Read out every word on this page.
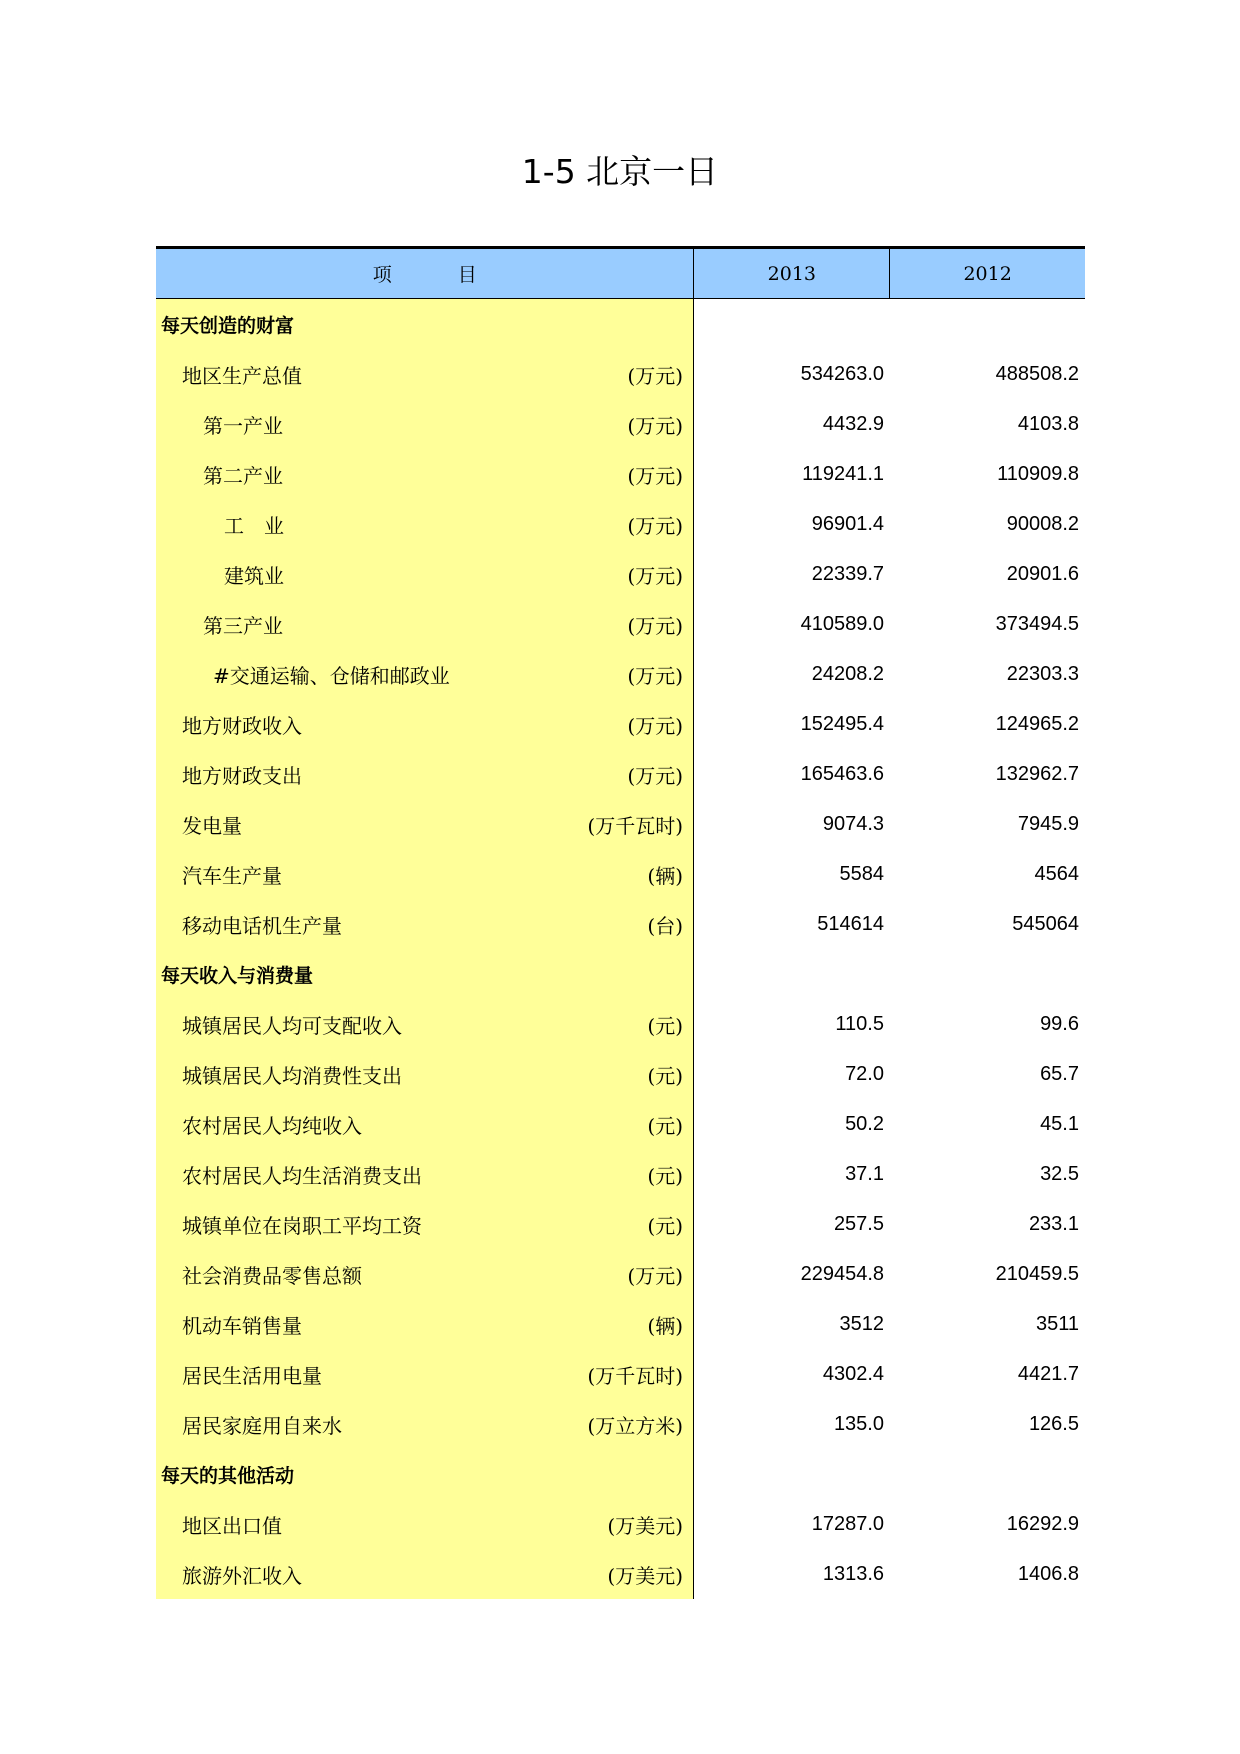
1-5 北京一日
项 目	2013	2012
每天创造的财富
地区生产总值	(万元)	534263.0	488508.2
第一产业	(万元)	4432.9	4103.8
第二产业	(万元)	119241.1	110909.8
工　业	(万元)	96901.4	90008.2
建筑业	(万元)	22339.7	20901.6
第三产业	(万元)	410589.0	373494.5
#交通运输、仓储和邮政业	(万元)	24208.2	22303.3
地方财政收入	(万元)	152495.4	124965.2
地方财政支出	(万元)	165463.6	132962.7
发电量	(万千瓦时)	9074.3	7945.9
汽车生产量	(辆)	5584	4564
移动电话机生产量	(台)	514614	545064
每天收入与消费量
城镇居民人均可支配收入	(元)	110.5	99.6
城镇居民人均消费性支出	(元)	72.0	65.7
农村居民人均纯收入	(元)	50.2	45.1
农村居民人均生活消费支出	(元)	37.1	32.5
城镇单位在岗职工平均工资	(元)	257.5	233.1
社会消费品零售总额	(万元)	229454.8	210459.5
机动车销售量	(辆)	3512	3511
居民生活用电量	(万千瓦时)	4302.4	4421.7
居民家庭用自来水	(万立方米)	135.0	126.5
每天的其他活动
地区出口值	(万美元)	17287.0	16292.9
旅游外汇收入	(万美元)	1313.6	1406.8
